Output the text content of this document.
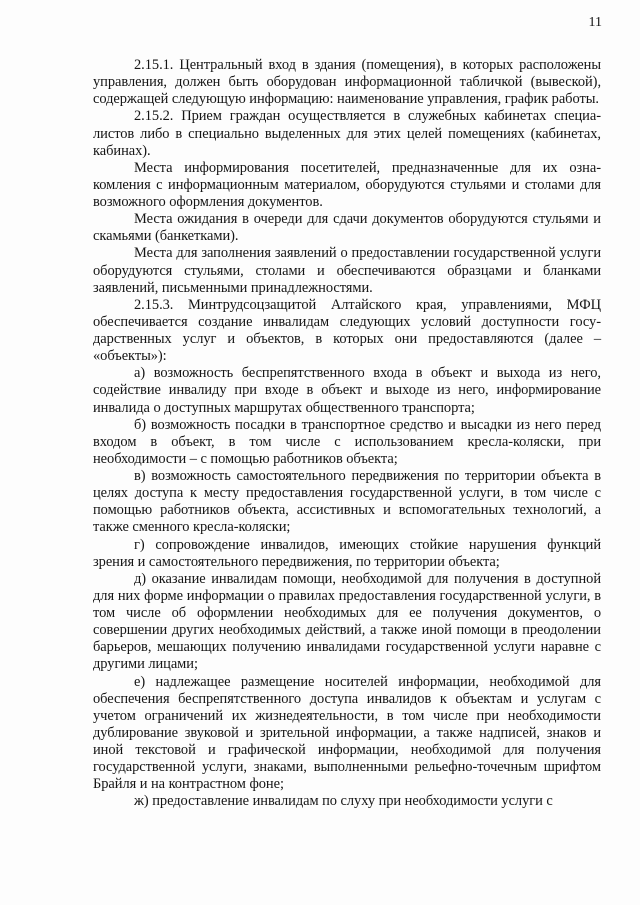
11

2.15.1. Центральный вход в здания (помещения), в которых расположены управления, должен быть оборудован информационной табличкой (вывеской), содержащей следующую информацию: наименование управления, график работы.

2.15.2. Прием граждан осуществляется в служебных кабинетах специалистов либо в специально выделенных для этих целей помещениях (кабинетах, кабинах).

Места информирования посетителей, предназначенные для их ознакомления с информационным материалом, оборудуются стульями и столами для возможного оформления документов.

Места ожидания в очереди для сдачи документов оборудуются стульями и скамьями (банкетками).

Места для заполнения заявлений о предоставлении государственной услуги оборудуются стульями, столами и обеспечиваются образцами и бланками заявлений, письменными принадлежностями.

2.15.3. Минтрудсоцзащитой Алтайского края, управлениями, МФЦ обеспечивается создание инвалидам следующих условий доступности государственных услуг и объектов, в которых они предоставляются (далее – «объекты»):

а) возможность беспрепятственного входа в объект и выхода из него, содействие инвалиду при входе в объект и выходе из него, информирование инвалида о доступных маршрутах общественного транспорта;

б) возможность посадки в транспортное средство и высадки из него перед входом в объект, в том числе с использованием кресла-коляски, при необходимости – с помощью работников объекта;

в) возможность самостоятельного передвижения по территории объекта в целях доступа к месту предоставления государственной услуги, в том числе с помощью работников объекта, ассистивных и вспомогательных технологий, а также сменного кресла-коляски;

г) сопровождение инвалидов, имеющих стойкие нарушения функций зрения и самостоятельного передвижения, по территории объекта;

д) оказание инвалидам помощи, необходимой для получения в доступной для них форме информации о правилах предоставления государственной услуги, в том числе об оформлении необходимых для ее получения документов, о совершении других необходимых действий, а также иной помощи в преодолении барьеров, мешающих получению инвалидами государственной услуги наравне с другими лицами;

е) надлежащее размещение носителей информации, необходимой для обеспечения беспрепятственного доступа инвалидов к объектам и услугам с учетом ограничений их жизнедеятельности, в том числе при необходимости дублирование звуковой и зрительной информации, а также надписей, знаков и иной текстовой и графической информации, необходимой для получения государственной услуги, знаками, выполненными рельефно-точечным шрифтом Брайля и на контрастном фоне;

ж) предоставление инвалидам по слуху при необходимости услуги с
